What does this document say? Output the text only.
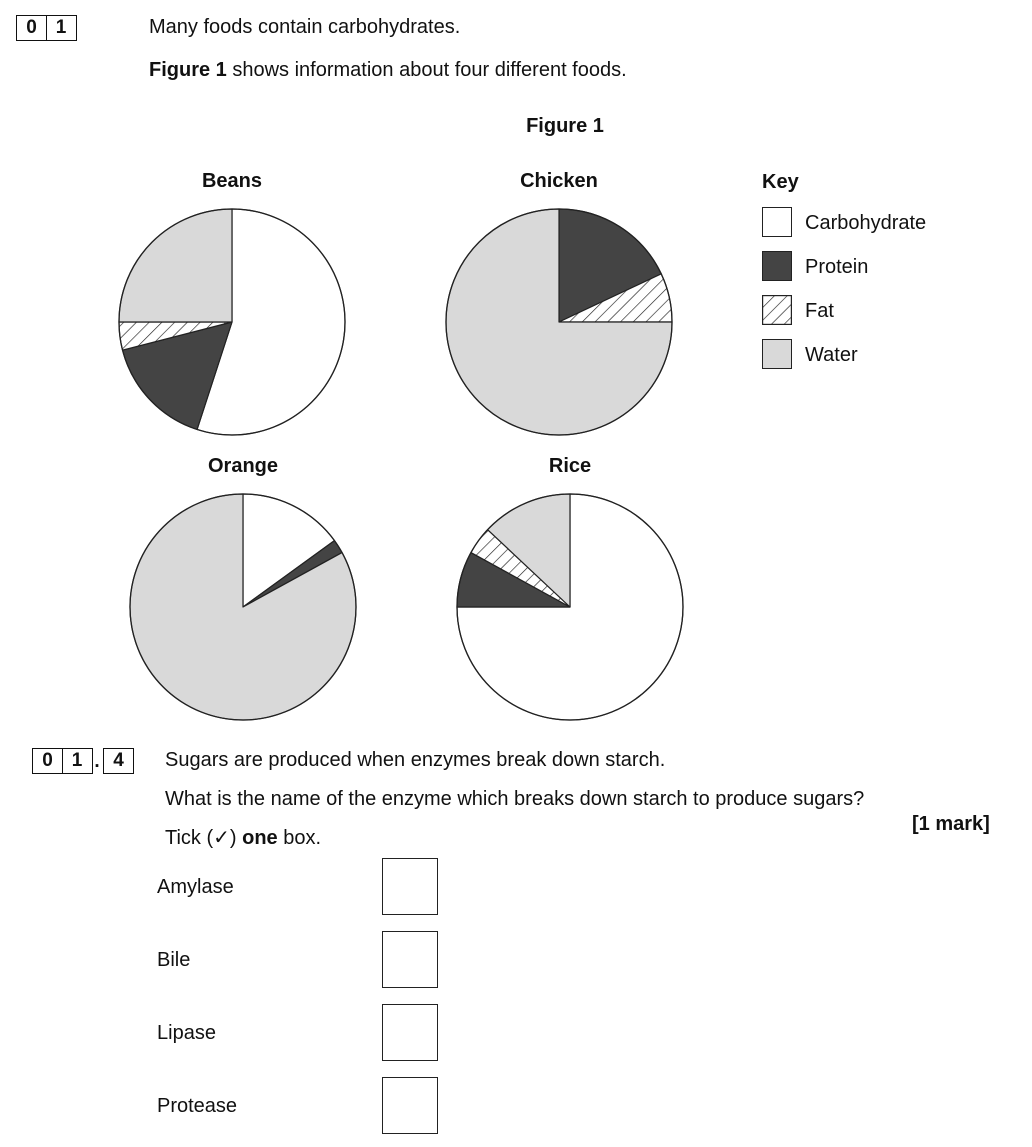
0 1	Many foods contain carbohydrates.
Figure 1 shows information about four different foods.
Figure 1
Beans	Chicken
Orange	Rice
Key
Carbohydrate
Protein
Fat
Water
0 1 . 4	Sugars are produced when enzymes break down starch.
What is the name of the enzyme which breaks down starch to produce sugars?
Tick (✓) one box.
[1 mark]
Amylase
Bile
Lipase
Protease
